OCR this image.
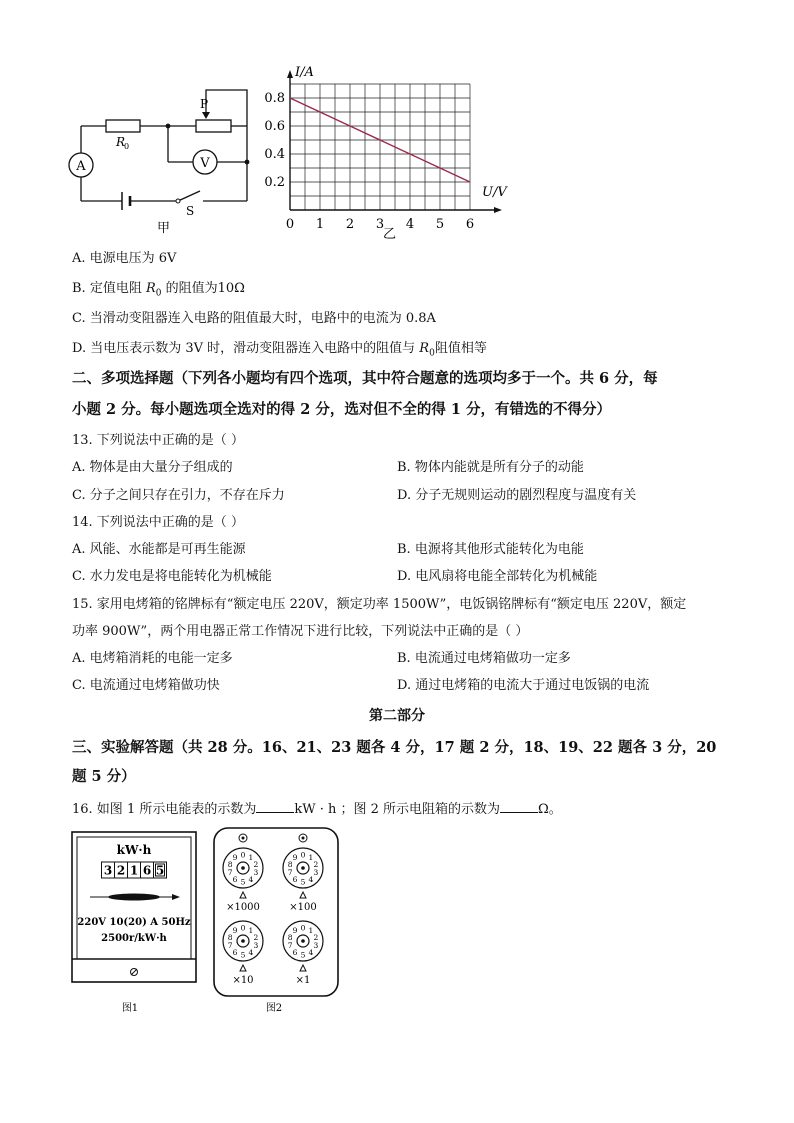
A	V
R
0
P
S
甲	0 1 2 3 4 5 6
0.2
0.4
0.6
0.8
I/A
U/V
乙
A. 电源电压为 6V
B. 定值电阻 $R_0$ 的阻值为10Ω
C. 当滑动变阻器连入电路的阻值最大时，电路中的电流为 0.8A
D. 当电压表示数为 3V 时，滑动变阻器连入电路中的阻值与 $R_0$阻值相等
二、多项选择题（下列各小题均有四个选项，其中符合题意的选项均多于一个。共 6 分，每
小题 2 分。每小题选项全选对的得 2 分，选对但不全的得 1 分，有错选的不得分）
13. 下列说法中正确的是（ ）
A. 物体是由大量分子组成的	B. 物体内能就是所有分子的动能
C. 分子之间只存在引力，不存在斥力	D. 分子无规则运动的剧烈程度与温度有关
14. 下列说法中正确的是（ ）
A. 风能、水能都是可再生能源	B. 电源将其他形式能转化为电能
C. 水力发电是将电能转化为机械能	D. 电风扇将电能全部转化为机械能
15. 家用电烤箱的铭牌标有“额定电压 220V，额定功率 1500W”，电饭锅铭牌标有“额定电压 220V，额定
功率 900W”，两个用电器正常工作情况下进行比较，下列说法中正确的是（ ）
A. 电烤箱消耗的电能一定多	B. 电流通过电烤箱做功一定多
C. 电流通过电烤箱做功快	D. 通过电烤箱的电流大于通过电饭锅的电流
第二部分
三、实验解答题（共 28 分。16、21、23 题各 4 分，17 题 2 分，18、19、22 题各 3 分，20
题 5 分）
16. 如图 1 所示电能表的示数为	kW · h ；图 2 所示电阻箱的示数为	Ω。
kW·h
3 2 1 6 5
220V 10(20) A 50Hz
2500r/kW·h
图1
0 1
2
3
4
5
6
7
8
9
×1000
0 1
2
3
4
5
6
7
8
9
×100
0 1
2
3
4
5
6
7
8
9
×10
0 1
2
3
4
5
6
7
8
9
×1
图2
